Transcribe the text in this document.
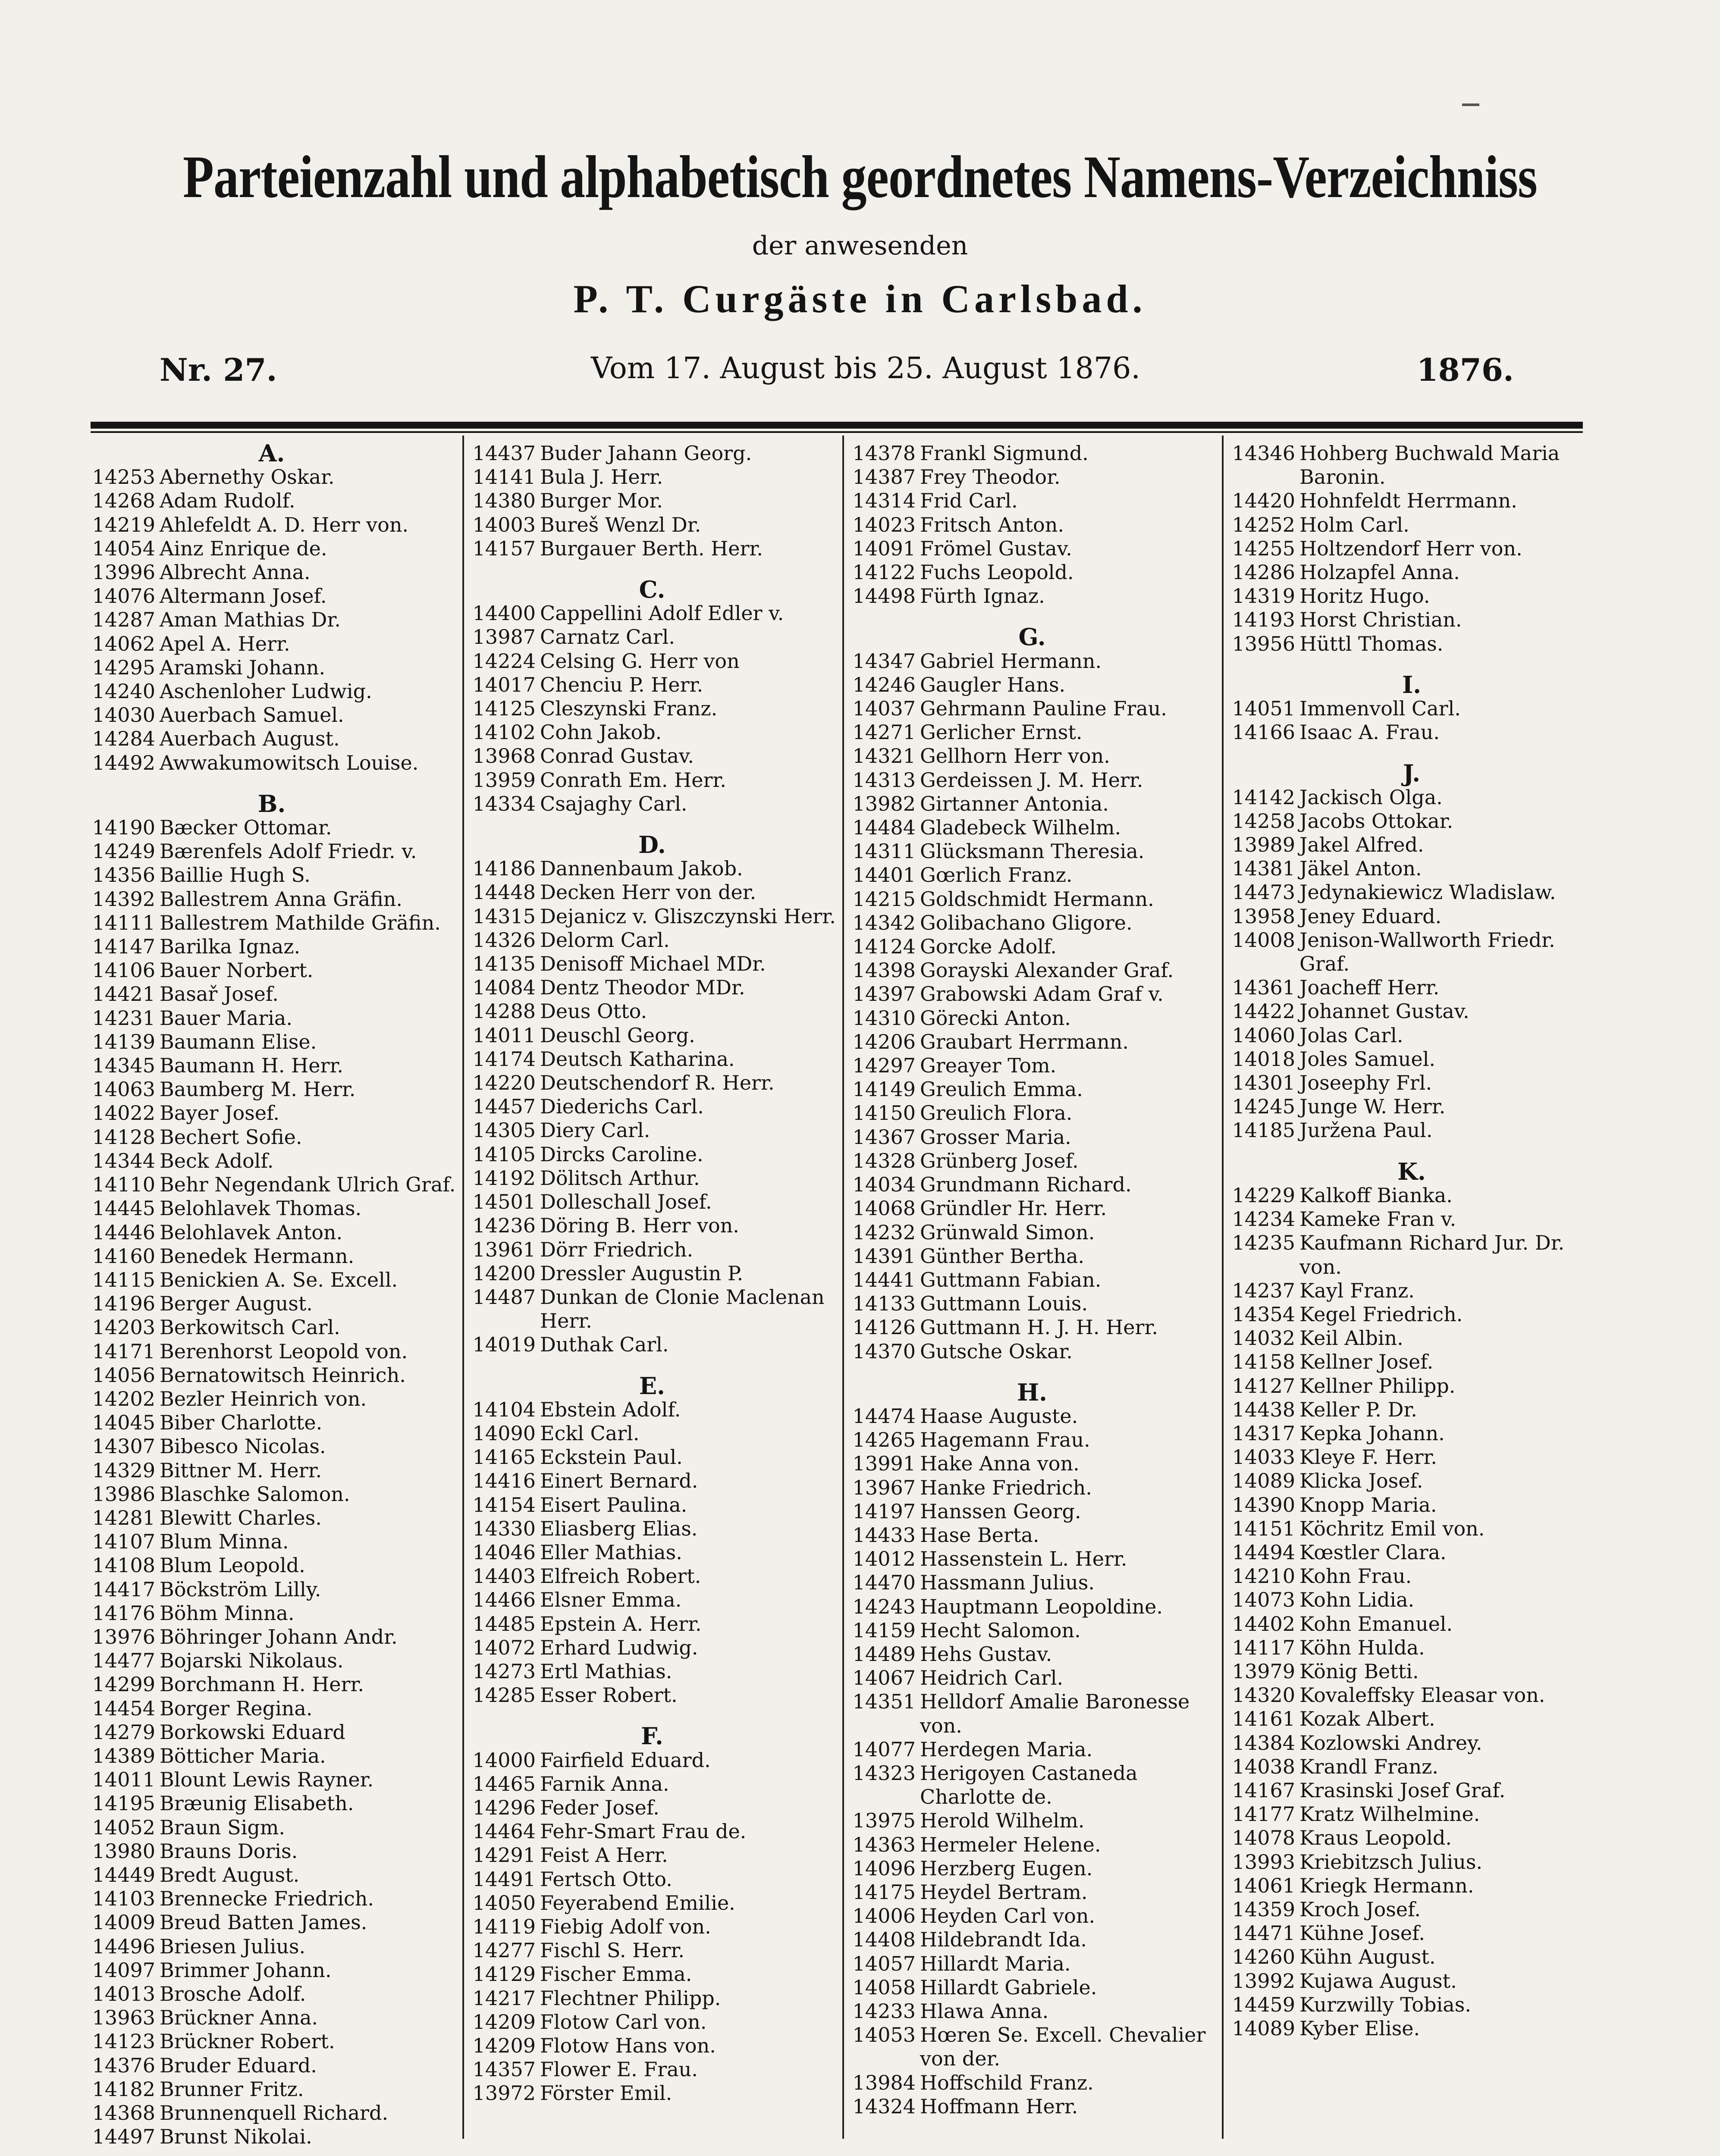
Parteienzahl und alphabetisch geordnetes Namens-Verzeichniss
der anwesenden
P. T. Curgäste in Carlsbad.
Nr. 27.	Vom 17. August bis 25. August 1876.	1876.
A.
14253 Abernethy Oskar.
14268 Adam Rudolf.
14219 Ahlefeldt A. D. Herr von.
14054 Ainz Enrique de.
13996 Albrecht Anna.
14076 Altermann Josef.
14287 Aman Mathias Dr.
14062 Apel A. Herr.
14295 Aramski Johann.
14240 Aschenloher Ludwig.
14030 Auerbach Samuel.
14284 Auerbach August.
14492 Awwakumowitsch Louise.
B.
14190 Bæcker Ottomar.
14249 Bærenfels Adolf Friedr. v.
14356 Baillie Hugh S.
14392 Ballestrem Anna Gräfin.
14111 Ballestrem Mathilde Gräfin.
14147 Barilka Ignaz.
14106 Bauer Norbert.
14421 Basař Josef.
14231 Bauer Maria.
14139 Baumann Elise.
14345 Baumann H. Herr.
14063 Baumberg M. Herr.
14022 Bayer Josef.
14128 Bechert Sofie.
14344 Beck Adolf.
14110 Behr Negendank Ulrich Graf.
14445 Belohlavek Thomas.
14446 Belohlavek Anton.
14160 Benedek Hermann.
14115 Benickien A. Se. Excell.
14196 Berger August.
14203 Berkowitsch Carl.
14171 Berenhorst Leopold von.
14056 Bernatowitsch Heinrich.
14202 Bezler Heinrich von.
14045 Biber Charlotte.
14307 Bibesco Nicolas.
14329 Bittner M. Herr.
13986 Blaschke Salomon.
14281 Blewitt Charles.
14107 Blum Minna.
14108 Blum Leopold.
14417 Böckström Lilly.
14176 Böhm Minna.
13976 Böhringer Johann Andr.
14477 Bojarski Nikolaus.
14299 Borchmann H. Herr.
14454 Borger Regina.
14279 Borkowski Eduard
14389 Bötticher Maria.
14011 Blount Lewis Rayner.
14195 Bræunig Elisabeth.
14052 Braun Sigm.
13980 Brauns Doris.
14449 Bredt August.
14103 Brennecke Friedrich.
14009 Breud Batten James.
14496 Briesen Julius.
14097 Brimmer Johann.
14013 Brosche Adolf.
13963 Brückner Anna.
14123 Brückner Robert.
14376 Bruder Eduard.
14182 Brunner Fritz.
14368 Brunnenquell Richard.
14497 Brunst Nikolai.
14437 Buder Jahann Georg.
14141 Bula J. Herr.
14380 Burger Mor.
14003 Bureš Wenzl Dr.
14157 Burgauer Berth. Herr.
C.
14400 Cappellini Adolf Edler v.
13987 Carnatz Carl.
14224 Celsing G. Herr von
14017 Chenciu P. Herr.
14125 Cleszynski Franz.
14102 Cohn Jakob.
13968 Conrad Gustav.
13959 Conrath Em. Herr.
14334 Csajaghy Carl.
D.
14186 Dannenbaum Jakob.
14448 Decken Herr von der.
14315 Dejanicz v. Gliszczynski Herr.
14326 Delorm Carl.
14135 Denisoff Michael MDr.
14084 Dentz Theodor MDr.
14288 Deus Otto.
14011 Deuschl Georg.
14174 Deutsch Katharina.
14220 Deutschendorf R. Herr.
14457 Diederichs Carl.
14305 Diery Carl.
14105 Dircks Caroline.
14192 Dölitsch Arthur.
14501 Dolleschall Josef.
14236 Döring B. Herr von.
13961 Dörr Friedrich.
14200 Dressler Augustin P.
14487 Dunkan de Clonie Maclenan Herr.
14019 Duthak Carl.
E.
14104 Ebstein Adolf.
14090 Eckl Carl.
14165 Eckstein Paul.
14416 Einert Bernard.
14154 Eisert Paulina.
14330 Eliasberg Elias.
14046 Eller Mathias.
14403 Elfreich Robert.
14466 Elsner Emma.
14485 Epstein A. Herr.
14072 Erhard Ludwig.
14273 Ertl Mathias.
14285 Esser Robert.
F.
14000 Fairfield Eduard.
14465 Farnik Anna.
14296 Feder Josef.
14464 Fehr-Smart Frau de.
14291 Feist A Herr.
14491 Fertsch Otto.
14050 Feyerabend Emilie.
14119 Fiebig Adolf von.
14277 Fischl S. Herr.
14129 Fischer Emma.
14217 Flechtner Philipp.
14209 Flotow Carl von.
14209 Flotow Hans von.
14357 Flower E. Frau.
13972 Förster Emil.
14378 Frankl Sigmund.
14387 Frey Theodor.
14314 Frid Carl.
14023 Fritsch Anton.
14091 Frömel Gustav.
14122 Fuchs Leopold.
14498 Fürth Ignaz.
G.
14347 Gabriel Hermann.
14246 Gaugler Hans.
14037 Gehrmann Pauline Frau.
14271 Gerlicher Ernst.
14321 Gellhorn Herr von.
14313 Gerdeissen J. M. Herr.
13982 Girtanner Antonia.
14484 Gladebeck Wilhelm.
14311 Glücksmann Theresia.
14401 Gœrlich Franz.
14215 Goldschmidt Hermann.
14342 Golibachano Gligore.
14124 Gorcke Adolf.
14398 Gorayski Alexander Graf.
14397 Grabowski Adam Graf v.
14310 Görecki Anton.
14206 Graubart Herrmann.
14297 Greayer Tom.
14149 Greulich Emma.
14150 Greulich Flora.
14367 Grosser Maria.
14328 Grünberg Josef.
14034 Grundmann Richard.
14068 Gründler Hr. Herr.
14232 Grünwald Simon.
14391 Günther Bertha.
14441 Guttmann Fabian.
14133 Guttmann Louis.
14126 Guttmann H. J. H. Herr.
14370 Gutsche Oskar.
H.
14474 Haase Auguste.
14265 Hagemann Frau.
13991 Hake Anna von.
13967 Hanke Friedrich.
14197 Hanssen Georg.
14433 Hase Berta.
14012 Hassenstein L. Herr.
14470 Hassmann Julius.
14243 Hauptmann Leopoldine.
14159 Hecht Salomon.
14489 Hehs Gustav.
14067 Heidrich Carl.
14351 Helldorf Amalie Baronesse von.
14077 Herdegen Maria.
14323 Herigoyen Castaneda Charlotte de.
13975 Herold Wilhelm.
14363 Hermeler Helene.
14096 Herzberg Eugen.
14175 Heydel Bertram.
14006 Heyden Carl von.
14408 Hildebrandt Ida.
14057 Hillardt Maria.
14058 Hillardt Gabriele.
14233 Hlawa Anna.
14053 Hœren Se. Excell. Chevalier von der.
13984 Hoffschild Franz.
14324 Hoffmann Herr.
14346 Hohberg Buchwald Maria Baronin.
14420 Hohnfeldt Herrmann.
14252 Holm Carl.
14255 Holtzendorf Herr von.
14286 Holzapfel Anna.
14319 Horitz Hugo.
14193 Horst Christian.
13956 Hüttl Thomas.
I.
14051 Immenvoll Carl.
14166 Isaac A. Frau.
J.
14142 Jackisch Olga.
14258 Jacobs Ottokar.
13989 Jakel Alfred.
14381 Jäkel Anton.
14473 Jedynakiewicz Wladislaw.
13958 Jeney Eduard.
14008 Jenison-Wallworth Friedr. Graf.
14361 Joacheff Herr.
14422 Johannet Gustav.
14060 Jolas Carl.
14018 Joles Samuel.
14301 Joseephy Frl.
14245 Junge W. Herr.
14185 Juržena Paul.
K.
14229 Kalkoff Bianka.
14234 Kameke Fran v.
14235 Kaufmann Richard Jur. Dr. von.
14237 Kayl Franz.
14354 Kegel Friedrich.
14032 Keil Albin.
14158 Kellner Josef.
14127 Kellner Philipp.
14438 Keller P. Dr.
14317 Kepka Johann.
14033 Kleye F. Herr.
14089 Klicka Josef.
14390 Knopp Maria.
14151 Köchritz Emil von.
14494 Kœstler Clara.
14210 Kohn Frau.
14073 Kohn Lidia.
14402 Kohn Emanuel.
14117 Köhn Hulda.
13979 König Betti.
14320 Kovaleffsky Eleasar von.
14161 Kozak Albert.
14384 Kozlowski Andrey.
14038 Krandl Franz.
14167 Krasinski Josef Graf.
14177 Kratz Wilhelmine.
14078 Kraus Leopold.
13993 Kriebitzsch Julius.
14061 Kriegk Hermann.
14359 Kroch Josef.
14471 Kühne Josef.
14260 Kühn August.
13992 Kujawa August.
14459 Kurzwilly Tobias.
14089 Kyber Elise.
